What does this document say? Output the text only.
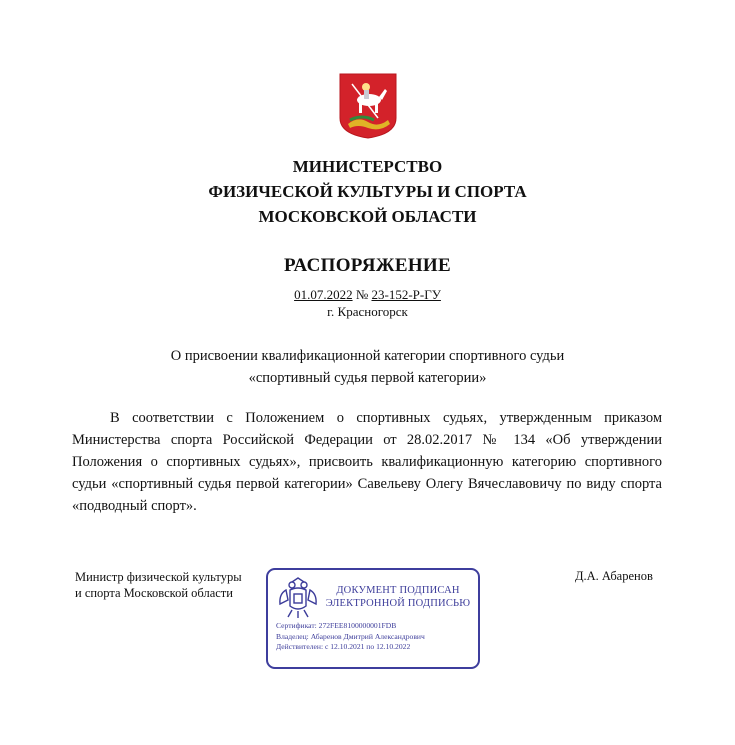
МИНИСТЕРСТВО
ФИЗИЧЕСКОЙ КУЛЬТУРЫ И СПОРТА
МОСКОВСКОЙ ОБЛАСТИ
РАСПОРЯЖЕНИЕ
01.07.2022 № 23-152-Р-ГУ
г. Красногорск
О присвоении квалификационной категории спортивного судьи
«спортивный судья первой категории»
В соответствии с Положением о спортивных судьях, утвержденным приказом Министерства спорта Российской Федерации от 28.02.2017 № 134 «Об утверждении Положения о спортивных судьях», присвоить квалификационную категорию спортивного судьи «спортивный судья первой категории» Савельеву Олегу Вячеславовичу по виду спорта «подводный спорт».
Министр физической культуры
и спорта Московской области
Д.А. Абаренов
ДОКУМЕНТ ПОДПИСАН
ЭЛЕКТРОННОЙ ПОДПИСЬЮ
Сертификат: 272FEE8100000001FDB
Владелец: Абаренов Дмитрий Александрович
Действителен: с 12.10.2021 по 12.10.2022
